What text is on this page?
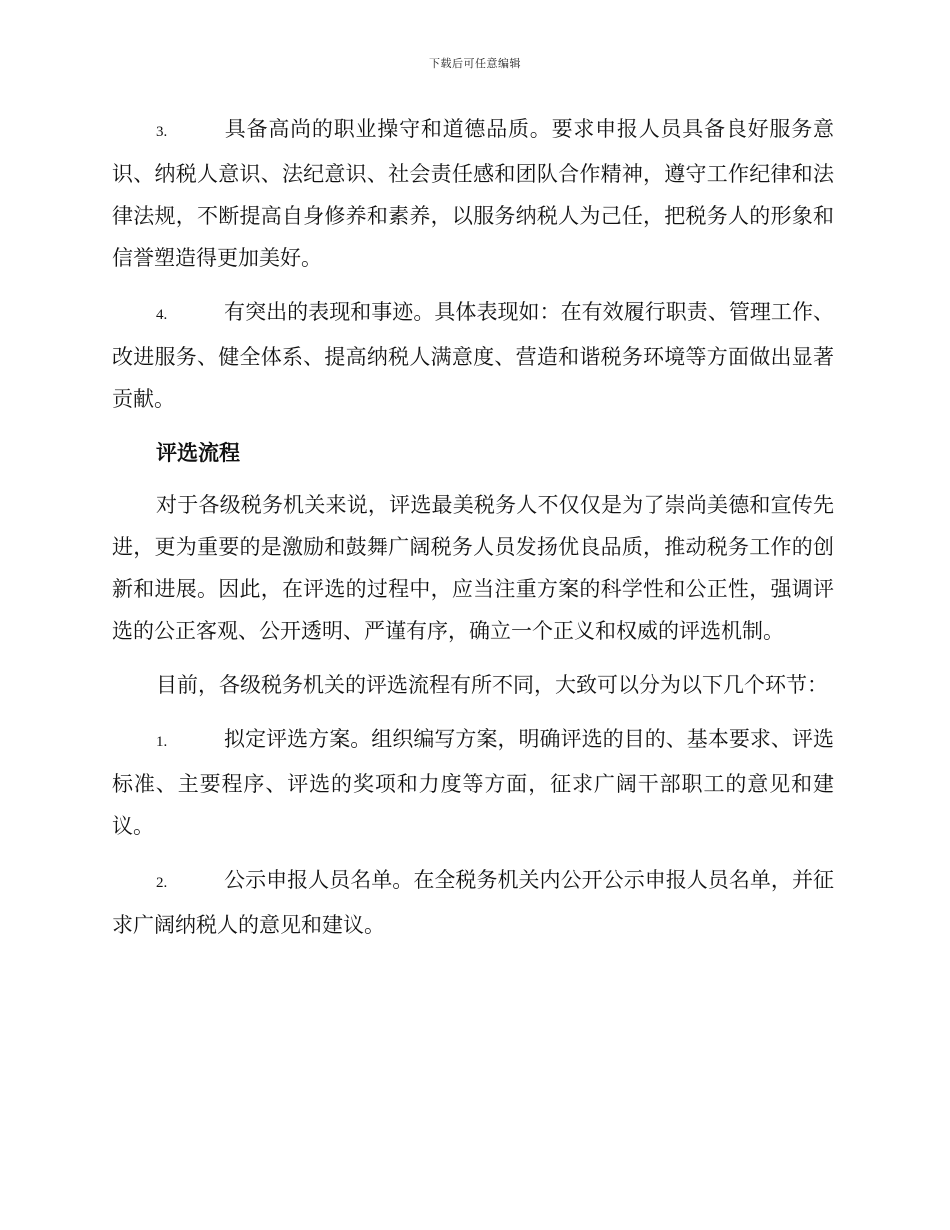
下载后可任意编辑

3.	具备高尚的职业操守和道德品质。要求申报人员具备良好服务意识、纳税人意识、法纪意识、社会责任感和团队合作精神，遵守工作纪律和法律法规，不断提高自身修养和素养，以服务纳税人为己任，把税务人的形象和信誉塑造得更加美好。

4.	有突出的表现和事迹。具体表现如：在有效履行职责、管理工作、改进服务、健全体系、提高纳税人满意度、营造和谐税务环境等方面做出显著贡献。

评选流程

对于各级税务机关来说，评选最美税务人不仅仅是为了崇尚美德和宣传先进，更为重要的是激励和鼓舞广阔税务人员发扬优良品质，推动税务工作的创新和进展。因此，在评选的过程中，应当注重方案的科学性和公正性，强调评选的公正客观、公开透明、严谨有序，确立一个正义和权威的评选机制。

目前，各级税务机关的评选流程有所不同，大致可以分为以下几个环节：

1.	拟定评选方案。组织编写方案，明确评选的目的、基本要求、评选标准、主要程序、评选的奖项和力度等方面，征求广阔干部职工的意见和建议。

2.	公示申报人员名单。在全税务机关内公开公示申报人员名单，并征求广阔纳税人的意见和建议。
